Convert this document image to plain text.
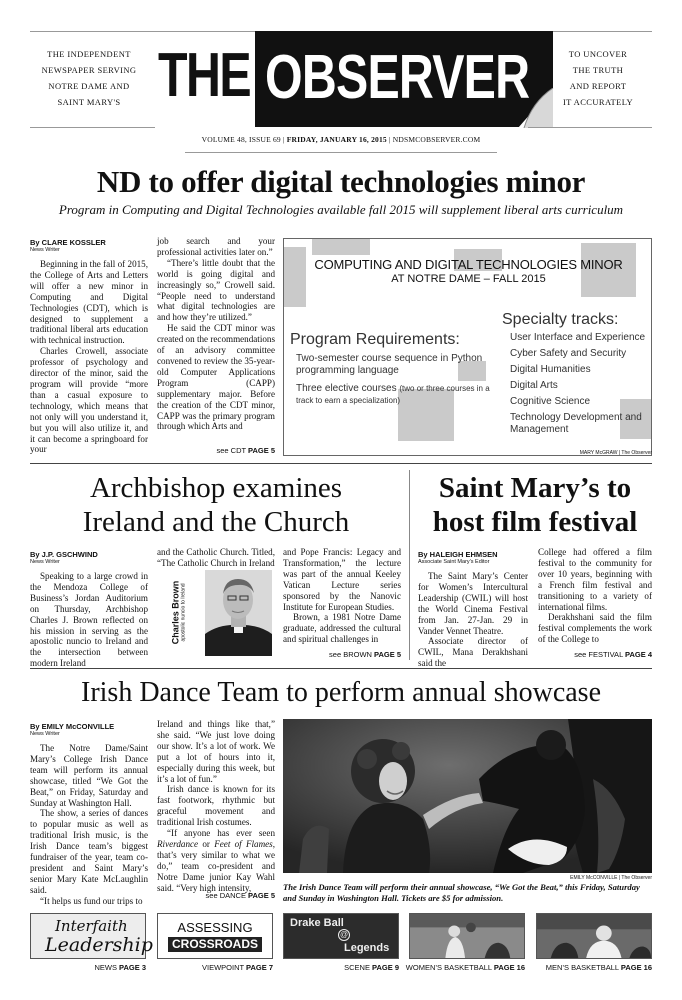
THE INDEPENDENT
NEWSPAPER SERVING
NOTRE DAME AND
SAINT MARY'S THE OBSERVER	TO UNCOVER
THE TRUTH
AND REPORT
IT ACCURATELY
VOLUME 48, ISSUE 69 | FRIDAY, JANUARY 16, 2015 | NDSMCOBSERVER.COM
ND to offer digital technologies minor
Program in Computing and Digital Technologies available fall 2015 will supplement liberal arts curriculum
By CLARE KOSSLER
News Writer

Beginning in the fall of 2015, the College of Arts and Letters will offer a new minor in Computing and Digital Technologies (CDT), which is designed to supplement a traditional liberal arts education with technical instruction.

Charles Crowell, associate professor of psychology and director of the minor, said the program will provide “more than a casual exposure to technology, which means that not only will you understand it, but you will also utilize it, and it can become a springboard for your

job search and your professional activities later on.”

“There’s little doubt that the world is going digital and increasingly so,” Crowell said. “People need to understand what digital technologies are and how they’re utilized.”

He said the CDT minor was created on the recommendations of an advisory committee convened to review the 35-year-old Computer Applications Program (CAPP) supplementary major. Before the creation of the CDT minor, CAPP was the primary program through which Arts and

see CDT PAGE 5
COMPUTING AND DIGITAL TECHNOLOGIES MINOR
AT NOTRE DAME – FALL 2015
Program Requirements:
Two-semester course sequence in Python programming language
Three elective courses (two or three courses in a track to earn a specialization)
Specialty tracks:
User Interface and Experience
Cyber Safety and Security
Digital Humanities
Digital Arts
Cognitive Science
Technology Development and Management
MARY McGRAW | The Observer
Archbishop examines
Ireland and the Church
By J.P. GSCHWIND
News Writer

Speaking to a large crowd in the Mendoza College of Business’s Jordan Auditorium on Thursday, Archbishop Charles J. Brown reflected on his mission in serving as the apostolic nuncio to Ireland and the intersection between modern Ireland

and the Catholic Church. Titled, “The Catholic Church in Ireland
Charles Brown apostolic nuncio to Ireland
and Pope Francis: Legacy and Transformation,” the lecture was part of the annual Keeley Vatican Lecture series sponsored by the Nanovic Institute for European Studies.

Brown, a 1981 Notre Dame graduate, addressed the cultural and spiritual challenges in

see BROWN PAGE 5
Saint Mary’s to
host film festival
By HALEIGH EHMSEN
Associate Saint Mary’s Editor

The Saint Mary’s Center for Women’s Intercultural Leadership (CWIL) will host the World Cinema Festival from Jan. 27-Jan. 29 in Vander Vennet Theatre.

Associate director of CWIL, Mana Derakhshani said the

College had offered a film festival to the community for over 10 years, beginning with a French film festival and transitioning to a variety of international films.

Derakhshani said the film festival complements the work of the College to

see FESTIVAL PAGE 4
Irish Dance Team to perform annual showcase
By EMILY McCONVILLE
News Writer

The Notre Dame/Saint Mary’s College Irish Dance team will perform its annual showcase, titled “We Got the Beat,” on Friday, Saturday and Sunday at Washington Hall.

The show, a series of dances to popular music as well as traditional Irish music, is the Irish Dance team’s biggest fundraiser of the year, team co-president and Saint Mary’s senior Mary Kate McLaughlin said.

“It helps us fund our trips to

Ireland and things like that,” she said. “We just love doing our show. It’s a lot of work. We put a lot of hours into it, especially during this week, but it’s a lot of fun.”

Irish dance is known for its fast footwork, rhythmic but graceful movement and traditional Irish costumes.

“If anyone has ever seen Riverdance or Feet of Flames, that’s very similar to what we do,” team co-president and Notre Dame junior Kay Wahl said. “Very high intensity,

see DANCE PAGE 5
EMILY McCONVILLE | The Observer
The Irish Dance Team will perform their annual showcase, “We Got the Beat,” this Friday, Saturday and Sunday in Washington Hall. Tickets are $5 for admission.
Interfaith
Leadership
ASSESSING
CROSSROADS
Drake Ball
@
Legends
NEWS PAGE 3	VIEWPOINT PAGE 7	SCENE PAGE 9 WOMEN’S BASKETBALL PAGE 16	MEN’S BASKETBALL PAGE 16
